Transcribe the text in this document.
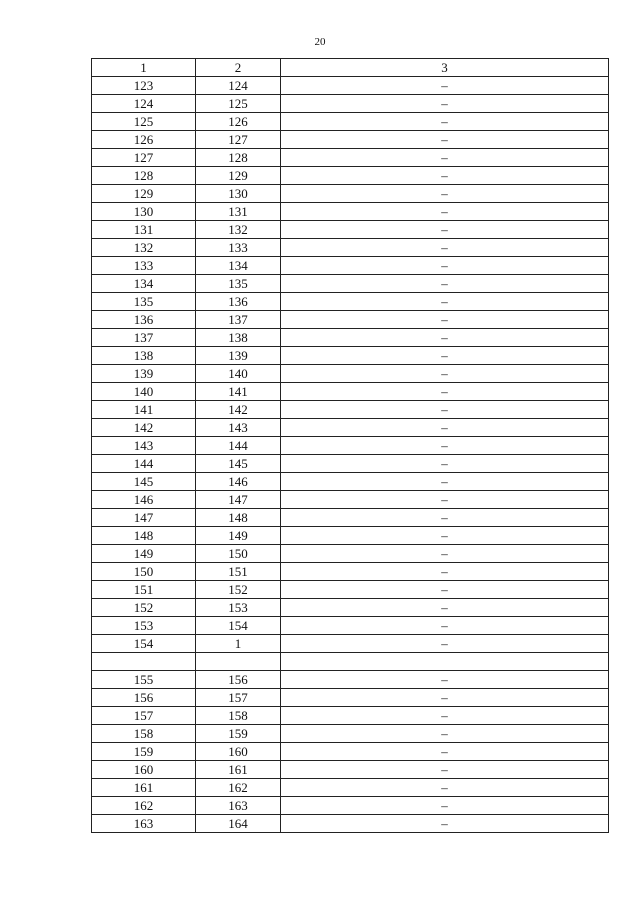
20
1	2	3
123	124	–
124	125	–
125	126	–
126	127	–
127	128	–
128	129	–
129	130	–
130	131	–
131	132	–
132	133	–
133	134	–
134	135	–
135	136	–
136	137	–
137	138	–
138	139	–
139	140	–
140	141	–
141	142	–
142	143	–
143	144	–
144	145	–
145	146	–
146	147	–
147	148	–
148	149	–
149	150	–
150	151	–
151	152	–
152	153	–
153	154	–
154	1	–

155	156	–
156	157	–
157	158	–
158	159	–
159	160	–
160	161	–
161	162	–
162	163	–
163	164	–
